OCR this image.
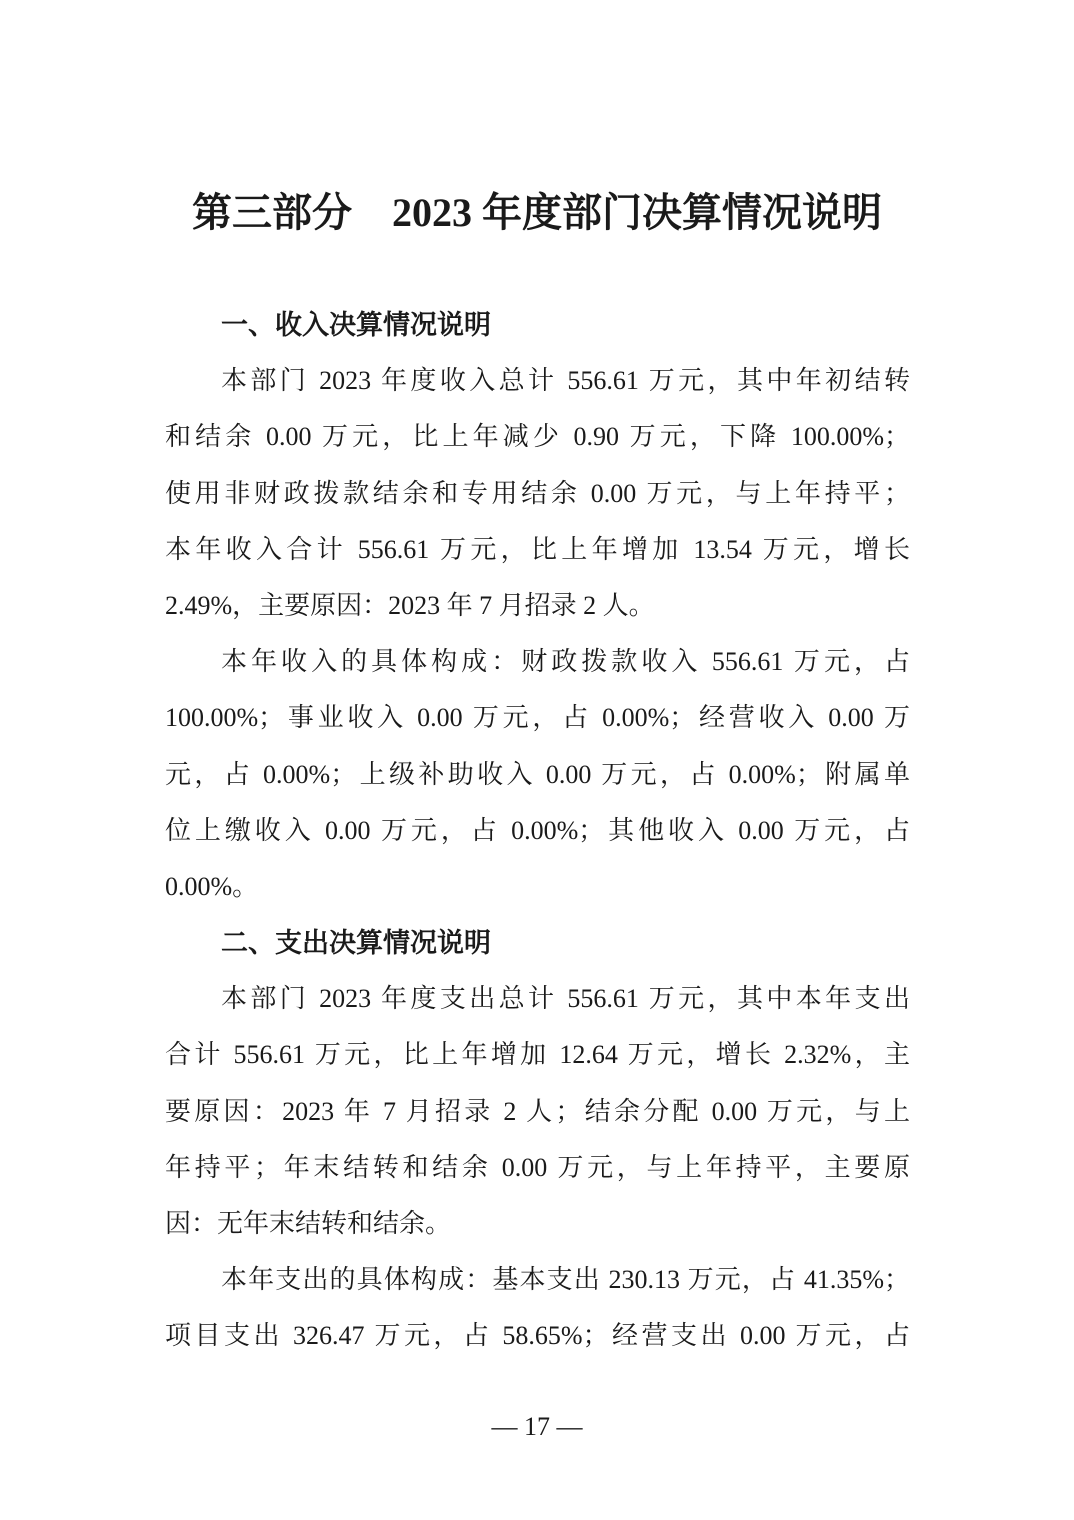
第三部分　2023 年度部门决算情况说明
一、收入决算情况说明
本部门 2023 年度收入总计 556.61 万元，其中年初结转
和结余 0.00 万元，比上年减少 0.90 万元，下降 100.00%；
使用非财政拨款结余和专用结余 0.00 万元，与上年持平；
本年收入合计 556.61 万元，比上年增加 13.54 万元，增长
2.49%，主要原因：2023 年 7 月招录 2 人。
本年收入的具体构成：财政拨款收入 556.61 万元，占
100.00%；事业收入 0.00 万元，占 0.00%；经营收入 0.00 万
元，占 0.00%；上级补助收入 0.00 万元，占 0.00%；附属单
位上缴收入 0.00 万元，占 0.00%；其他收入 0.00 万元，占
0.00%。
二、支出决算情况说明
本部门 2023 年度支出总计 556.61 万元，其中本年支出
合计 556.61 万元，比上年增加 12.64 万元，增长 2.32%，主
要原因：2023 年 7 月招录 2 人；结余分配 0.00 万元，与上
年持平；年末结转和结余 0.00 万元，与上年持平，主要原
因：无年末结转和结余。
本年支出的具体构成：基本支出 230.13 万元，占 41.35%；
项目支出 326.47 万元，占 58.65%；经营支出 0.00 万元，占
— 17 —
